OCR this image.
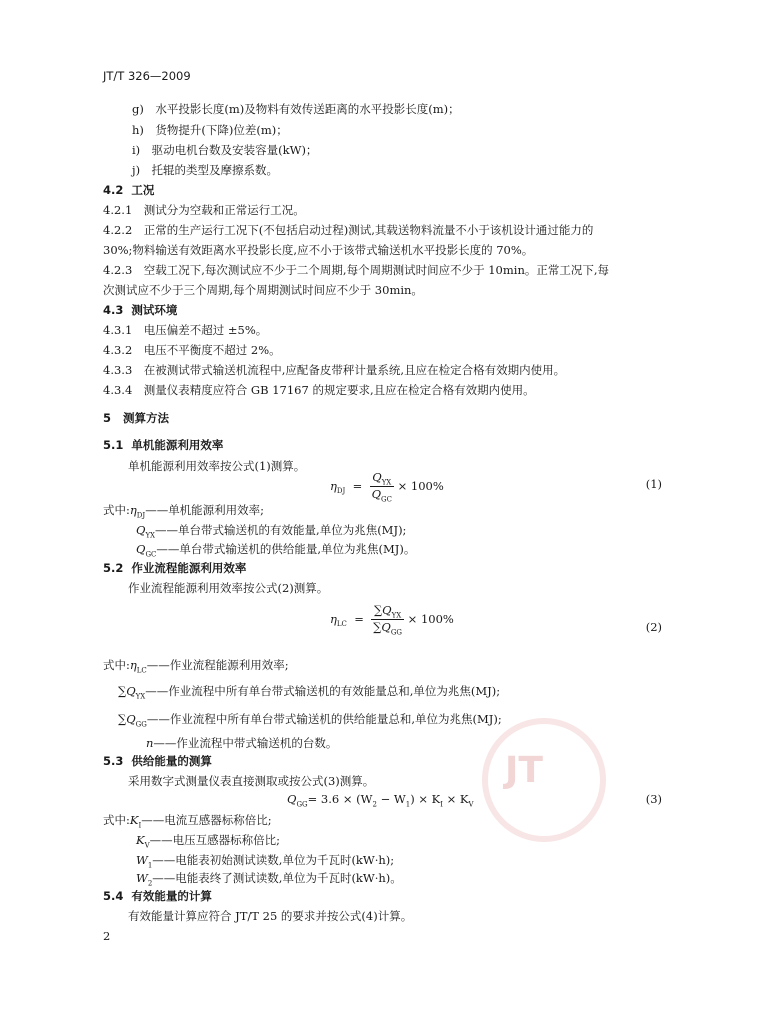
JT/T 326—2009
g)　水平投影长度(m)及物料有效传送距离的水平投影长度(m)；
h)　货物提升(下降)位差(m)；
i)　驱动电机台数及安装容量(kW)；
j)　托辊的类型及摩擦系数。
4.2 工况
4.2.1　测试分为空载和正常运行工况。
4.2.2　正常的生产运行工况下(不包括启动过程)测试,其载送物料流量不小于该机设计通过能力的
30%;物料输送有效距离水平投影长度,应不小于该带式输送机水平投影长度的 70%。
4.2.3　空载工况下,每次测试应不少于二个周期,每个周期测试时间应不少于 10min。正常工况下,每
次测试应不少于三个周期,每个周期测试时间应不少于 30min。
4.3 测试环境
4.3.1　电压偏差不超过 ±5%。
4.3.2　电压不平衡度不超过 2%。
4.3.3　在被测试带式输送机流程中,应配备皮带秤计量系统,且应在检定合格有效期内使用。
4.3.4　测量仪表精度应符合 GB 17167 的规定要求,且应在检定合格有效期内使用。
5 测算方法
5.1 单机能源利用效率
单机能源利用效率按公式(1)测算。
$\eta_{DJ} = \frac{Q_{YX}}{Q_{GC}} \times 100\%$	(1)
式中$:\eta_{DJ}——$单机能源利用效率;
$Q_{YX}——$单台带式输送机的有效能量,单位为兆焦(MJ);
$Q_{GC}——$单台带式输送机的供给能量,单位为兆焦(MJ)。
5.2 作业流程能源利用效率
作业流程能源利用效率按公式(2)测算。
$\eta_{LC} = \frac{\sum Q_{YX}}{\sum Q_{GG}} \times 100\%$
(2)
式中$:\eta_{LC}——$作业流程能源利用效率;
$\sum Q_{YX}——$作业流程中所有单台带式输送机的有效能量总和,单位为兆焦(MJ);
$\sum Q_{GG}——$作业流程中所有单台带式输送机的供给能量总和,单位为兆焦(MJ);
n——作业流程中带式输送机的台数。
JT
5.3 供给能量的测算
采用数字式测量仪表直接测取或按公式(3)测算。
$Q_{GG}= 3.6 \times (W_2 - W_1) \times K_I \times K_V$	(3)
式中$:K_I——$电流互感器标称倍比;
$K_V——$电压互感器标称倍比;
$W_1——$电能表初始测试读数,单位为千瓦时(kW·h);
$W_2——$电能表终了测试读数,单位为千瓦时(kW·h)。
5.4 有效能量的计算
有效能量计算应符合 JT/T 25 的要求并按公式(4)计算。
2
